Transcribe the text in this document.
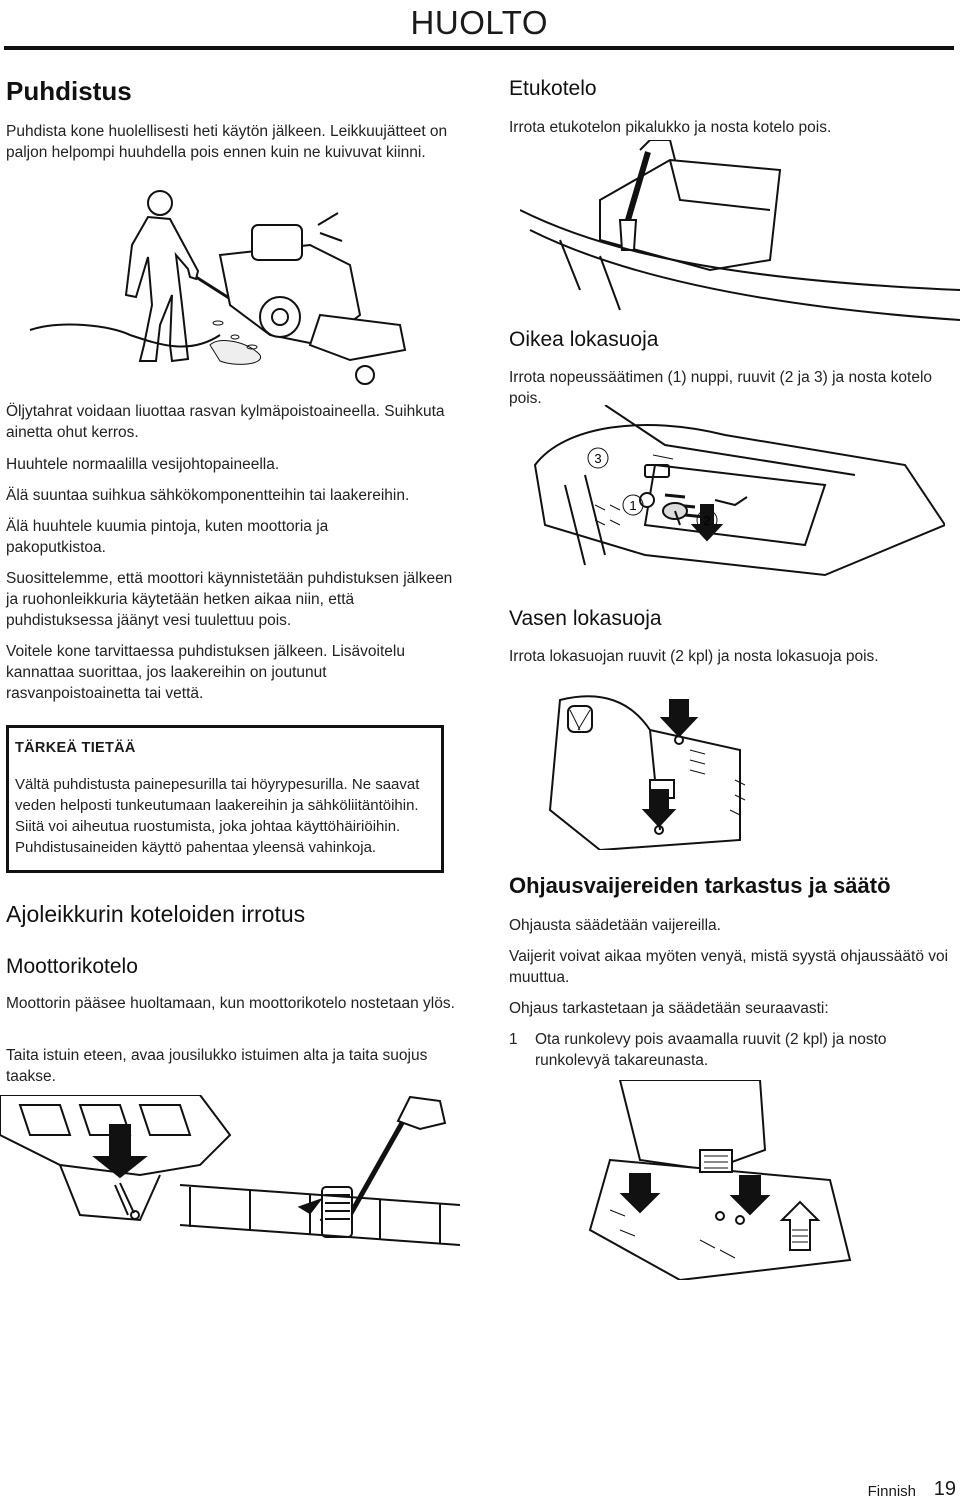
HUOLTO
Puhdistus

Puhdista kone huolellisesti heti käytön jälkeen. Leikkuujätteet on paljon helpompi huuhdella pois ennen kuin ne kuivuvat kiinni.

Öljytahrat voidaan liuottaa rasvan kylmäpoistoaineella. Suihkuta ainetta ohut kerros.

Huuhtele normaalilla vesijohtopaineella.

Älä suuntaa suihkua sähkökomponentteihin tai laakereihin.

Älä huuhtele kuumia pintoja, kuten moottoria ja pakoputkistoa.

Suosittelemme, että moottori käynnistetään puhdistuksen jälkeen ja ruohonleikkuria käytetään hetken aikaa niin, että puhdistuksessa jäänyt vesi tuulettuu pois.

Voitele kone tarvittaessa puhdistuksen jälkeen. Lisävoitelu kannattaa suorittaa, jos laakereihin on joutunut rasvanpoistoainetta tai vettä.

TÄRKEÄ TIETÄÄ

Vältä puhdistusta painepesurilla tai höyrypesurilla. Ne saavat veden helposti tunkeutumaan laakereihin ja sähköliitäntöihin. Siitä voi aiheutua ruostumista, joka johtaa käyttöhäiriöihin. Puhdistusaineiden käyttö pahentaa yleensä vahinkoja.

Ajoleikkurin koteloiden irrotus
Moottorikotelo

Moottorin pääsee huoltamaan, kun moottorikotelo nostetaan ylös.

Taita istuin eteen, avaa jousilukko istuimen alta ja taita suojus taakse.

Etukotelo

Irrota etukotelon pikalukko ja nosta kotelo pois.

Oikea lokasuoja

Irrota nopeussäätimen (1) nuppi, ruuvit (2 ja 3) ja nosta kotelo pois.

3
1
2
Vasen lokasuoja

Irrota lokasuojan ruuvit (2 kpl) ja nosta lokasuoja pois.

Ohjausvaijereiden tarkastus ja säätö

Ohjausta säädetään vaijereilla.

Vaijerit voivat aikaa myöten venyä, mistä syystä ohjaussäätö voi muuttua.

Ohjaus tarkastetaan ja säädetään seuraavasti:

1	Ota runkolevy pois avaamalla ruuvit (2 kpl) ja nosto runkolevyä takareunasta.
Finnish 19
